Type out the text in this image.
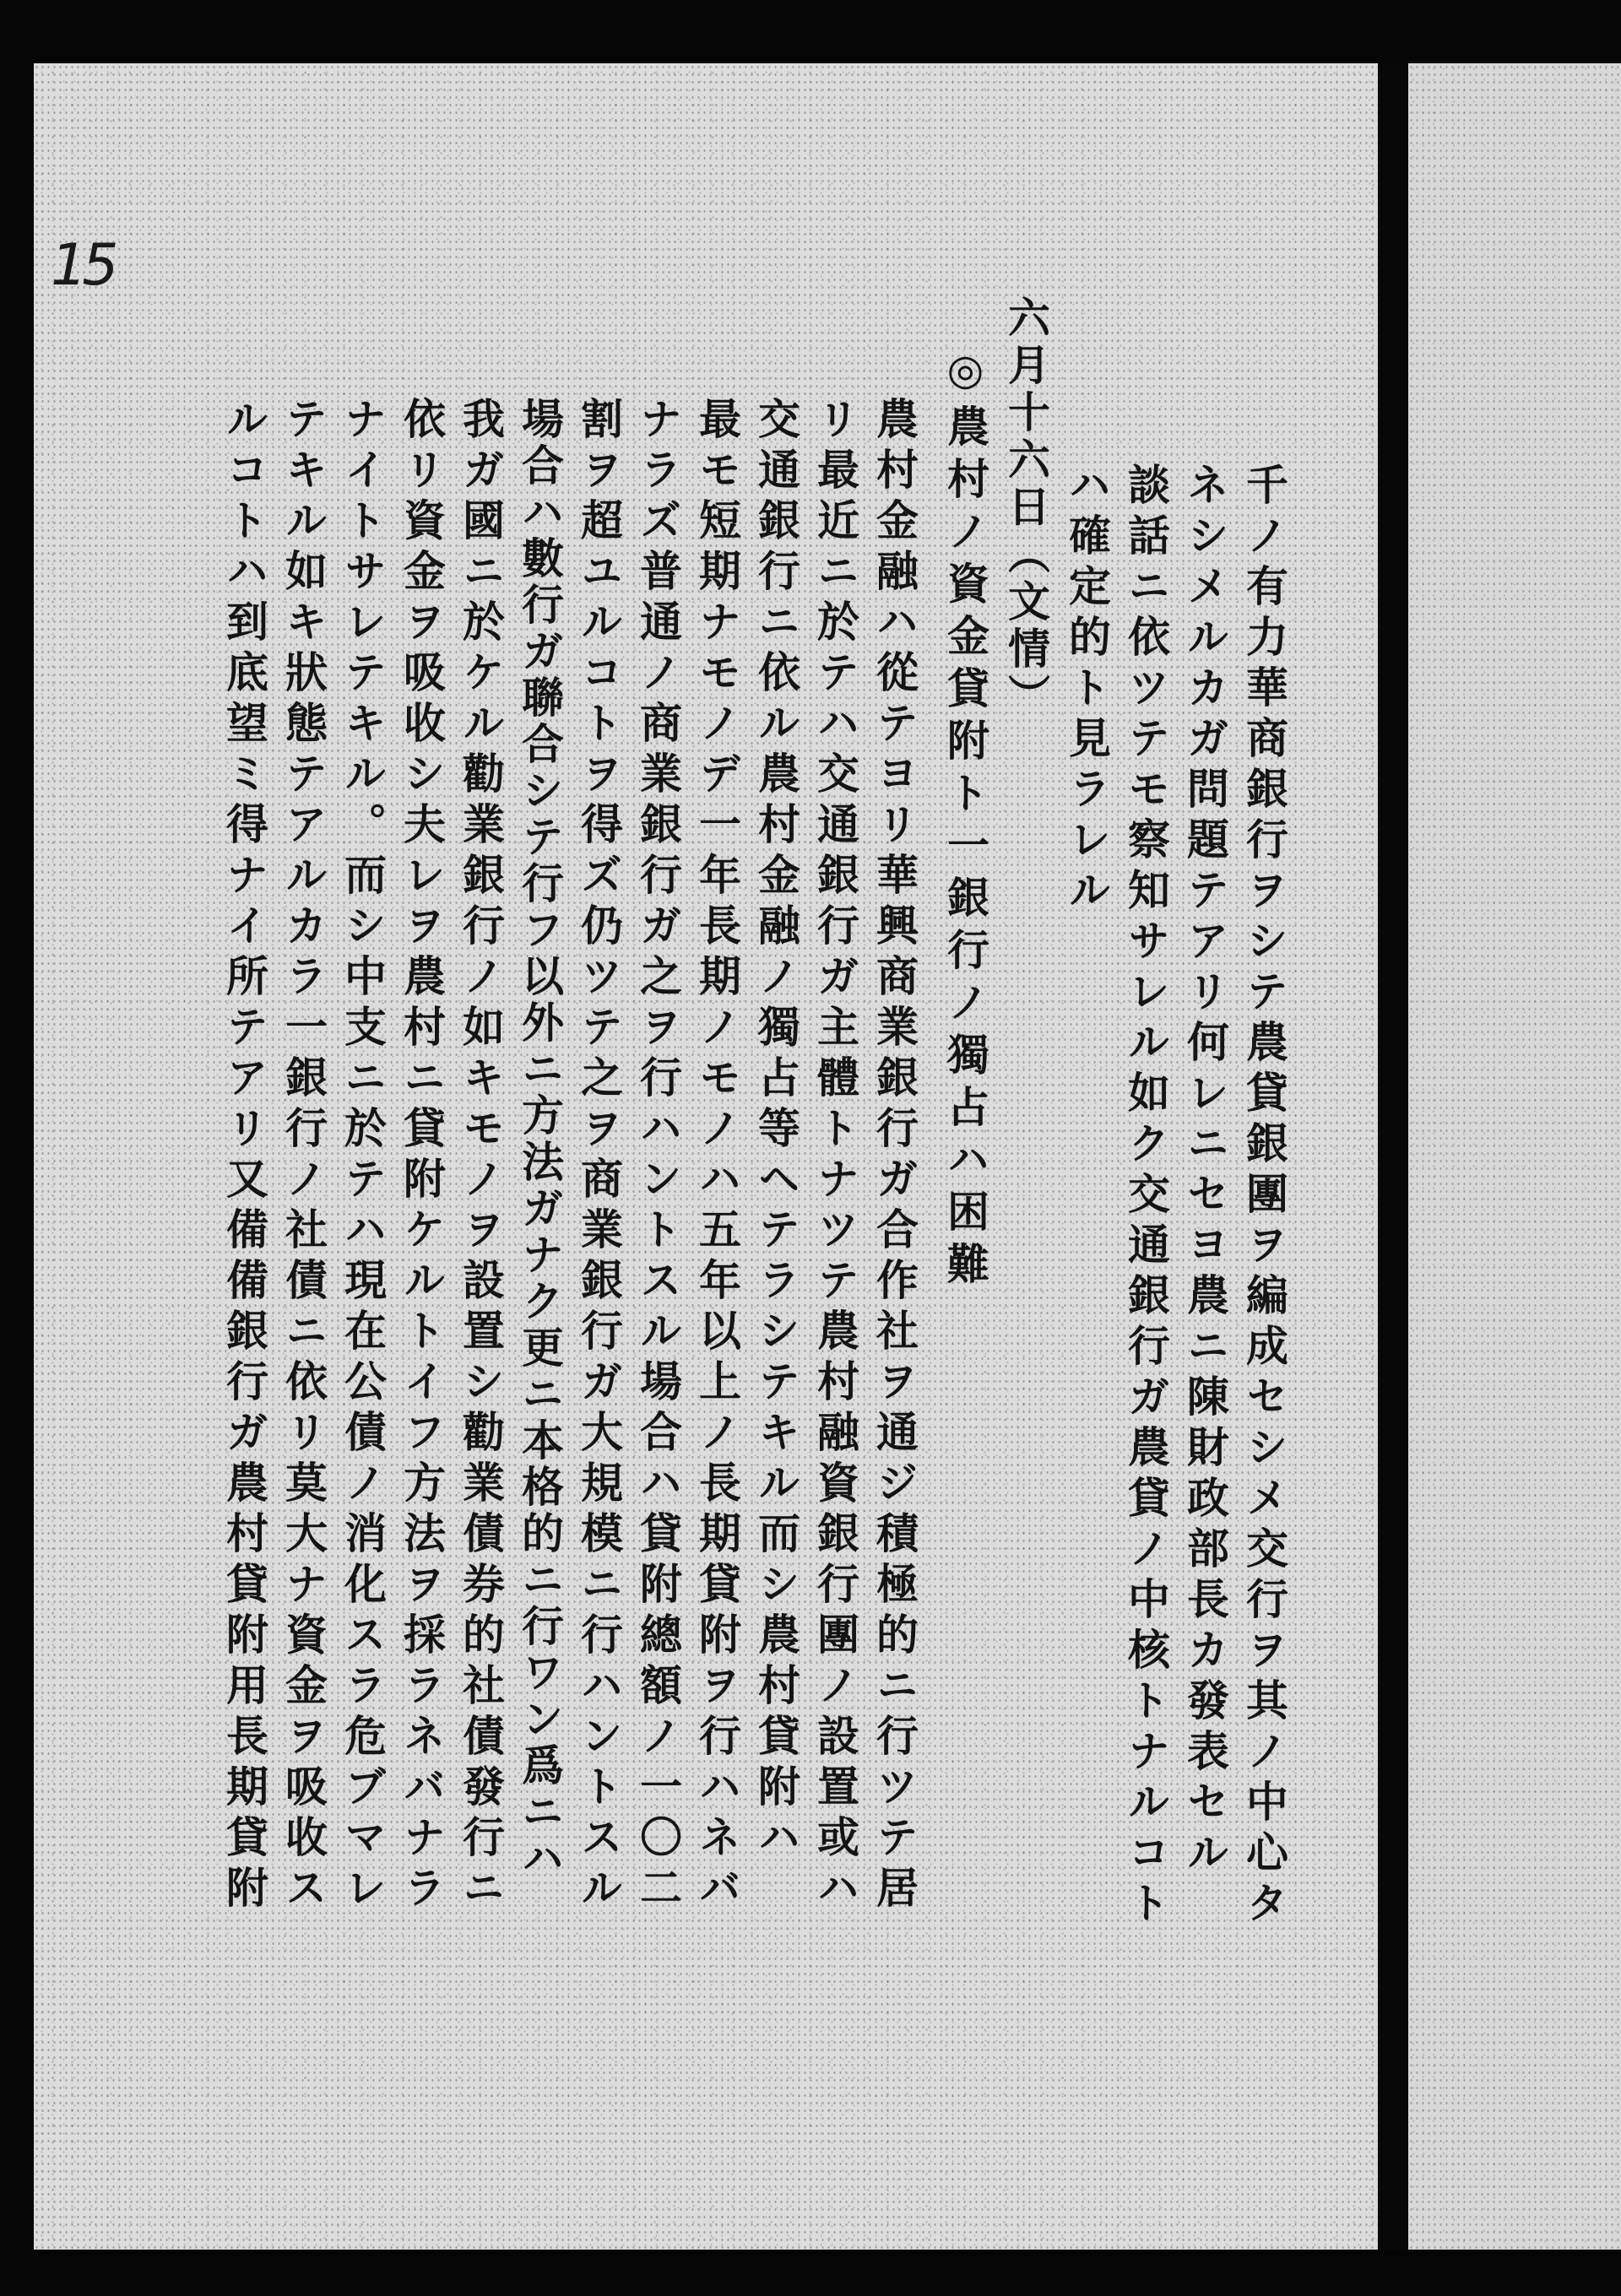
15
千ノ有力華商銀行ヲシテ農貸銀團ヲ編成セシメ交行ヲ其ノ中心タ
ネシメルカガ問題テアリ何レニセヨ農ニ陳財政部長カ發表セル
談話ニ依ツテモ察知サレル如ク交通銀行ガ農貸ノ中核トナルコト
ハ確定的ト見ラレル
六月十六日（文情）
◎農村ノ資金貸附ト一銀行ノ獨占ハ困難
農村金融ハ從テヨリ華興商業銀行ガ合作社ヲ通ジ積極的ニ行ツテ居
リ最近ニ於テハ交通銀行ガ主體トナツテ農村融資銀行團ノ設置或ハ
交通銀行ニ依ル農村金融ノ獨占等ヘテラシテキル而シ農村貸附ハ
最モ短期ナモノデ一年長期ノモノハ五年以上ノ長期貸附ヲ行ハネバ
ナラズ普通ノ商業銀行ガ之ヲ行ハントスル場合ハ貸附總額ノ一〇二
割ヲ超ユルコトヲ得ズ仍ツテ之ヲ商業銀行ガ大規模ニ行ハントスル
場合ハ數行ガ聯合シテ行フ以外ニ方法ガナク更ニ本格的ニ行ワン爲ニハ
我ガ國ニ於ケル勸業銀行ノ如キモノヲ設置シ勸業債券的社債發行ニ
依リ資金ヲ吸收シ夫レヲ農村ニ貸附ケルトイフ方法ヲ採ラネバナラ
ナイトサレテキル。而シ中支ニ於テハ現在公債ノ消化スラ危ブマレ
テキル如キ狀態テアルカラ一銀行ノ社債ニ依リ莫大ナ資金ヲ吸收ス
ルコトハ到底望ミ得ナイ所テアリ又備備銀行ガ農村貸附用長期貸附
